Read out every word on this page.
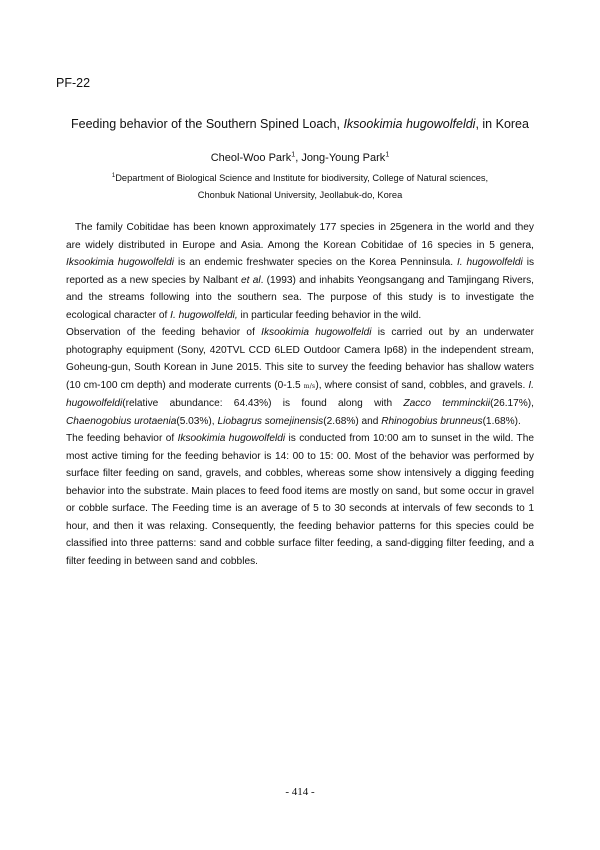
PF-22
Feeding behavior of the Southern Spined Loach, Iksookimia hugowolfeldi, in Korea
Cheol-Woo Park$^1$, Jong-Young Park$^1$
$^1$Department of Biological Science and Institute for biodiversity, College of Natural sciences,
Chonbuk National University, Jeollabuk-do, Korea

The family Cobitidae has been known approximately 177 species in 25genera in the world and they are widely distributed in Europe and Asia. Among the Korean Cobitidae of 16 species in 5 genera, Iksookimia hugowolfeldi is an endemic freshwater species on the Korea Penninsula. I. hugowolfeldi is reported as a new species by Nalbant et al. (1993) and inhabits Yeongsangang and Tamjingang Rivers, and the streams following into the southern sea. The purpose of this study is to investigate the ecological character of I. hugowolfeldi, in particular feeding behavior in the wild.

Observation of the feeding behavior of Iksookimia hugowolfeldi is carried out by an underwater photography equipment (Sony, 420TVL CCD 6LED Outdoor Camera Ip68) in the independent stream, Goheung-gun, South Korean in June 2015. This site to survey the feeding behavior has shallow waters (10 cm-100 cm depth) and moderate currents (0-1.5 m/s), where consist of sand, cobbles, and gravels. I. hugowolfeldi(relative abundance: 64.43%) is found along with Zacco temminckii(26.17%), Chaenogobius urotaenia(5.03%), Liobagrus somejinensis(2.68%) and Rhinogobius brunneus(1.68%).

The feeding behavior of Iksookimia hugowolfeldi is conducted from 10:00 am to sunset in the wild. The most active timing for the feeding behavior is 14: 00 to 15: 00. Most of the behavior was performed by surface filter feeding on sand, gravels, and cobbles, whereas some show intensively a digging feeding behavior into the substrate. Main places to feed food items are mostly on sand, but some occur in gravel or cobble surface. The Feeding time is an average of 5 to 30 seconds at intervals of few seconds to 1 hour, and then it was relaxing. Consequently, the feeding behavior patterns for this species could be classified into three patterns: sand and cobble surface filter feeding, a sand-digging filter feeding, and a filter feeding in between sand and cobbles.

- 414 -
